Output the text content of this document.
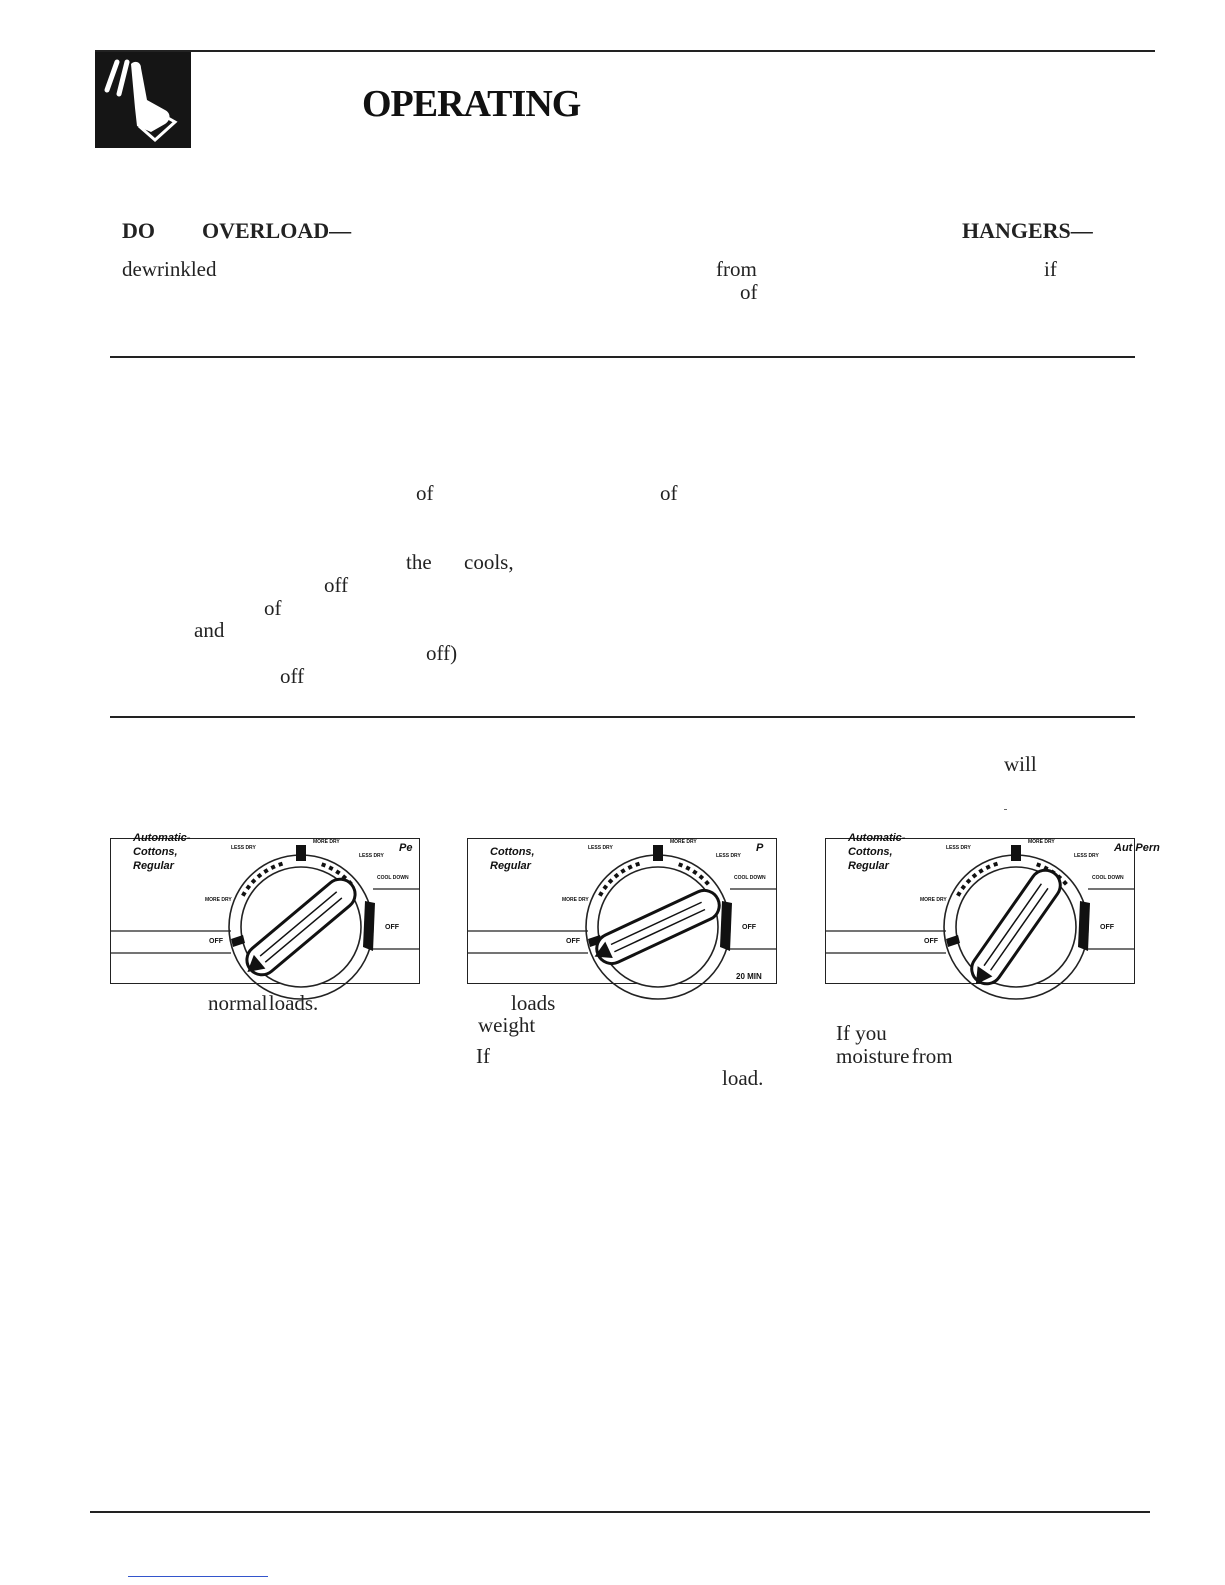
OPERATING
DO OVERLOAD—	HANGERS—
dewrinkled	from	if
of
of	of
the cools,
off
of
and
off)
off
will
Automatic-
Cottons,
Regular
Pe
LESS DRY
LESS DRY
MORE DRY
MORE DRY
COOL DOWN
OFF
OFF
Cottons,
Regular
P
LESS DRY
LESS DRY
MORE DRY
MORE DRY
COOL DOWN
OFF
OFF
20 MIN
Automatic-
Cottons,
Regular
Aut Pern
LESS DRY
LESS DRY
MORE DRY
MORE DRY
COOL DOWN
OFF
OFF
normal loads.	loads
weight
If
load.
If you
moisture from
